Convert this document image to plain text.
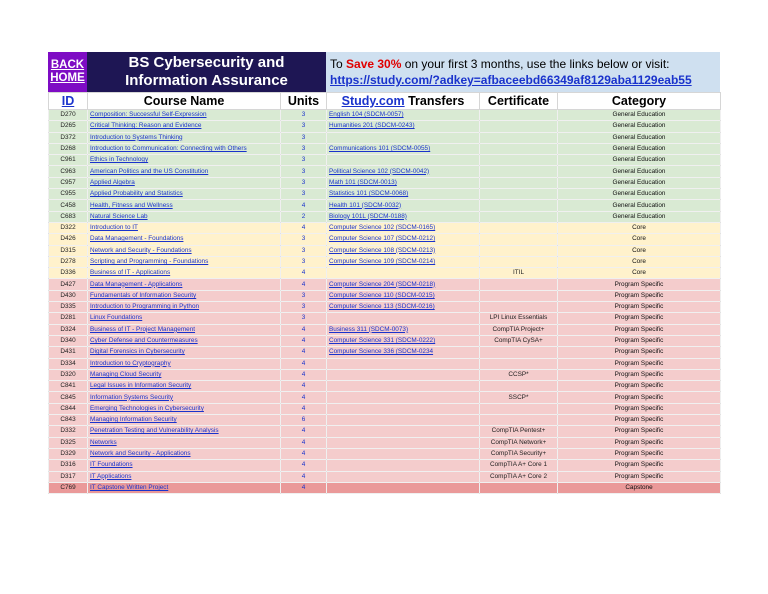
BACK
HOME
BS Cybersecurity and
Information Assurance
To Save 30% on your first 3 months, use the links below or visit: https://study.com/?adkey=afbaceebd66349af8129aba1129eab55
ID	Course Name	Units	Study.com Transfers	Certificate	Category
D270	Composition: Successful Self-Expression	3	English 104 (SDCM-0057)		General Education
D265	Critical Thinking: Reason and Evidence	3	Humanities 201 (SDCM-0243)		General Education
D372	Introduction to Systems Thinking	3			General Education
D268	Introduction to Communication: Connecting with Others	3	Communications 101 (SDCM-0055)		General Education
C961	Ethics in Technology	3			General Education
C963	American Politics and the US Constitution	3	Political Science 102 (SDCM-0042)		General Education
C957	Applied Algebra	3	Math 101 (SDCM-0013)		General Education
C955	Applied Probability and Statistics	3	Statistics 101 (SDCM-0068)		General Education
C458	Health, Fitness and Wellness	4	Health 101 (SDCM-0032)		General Education
C683	Natural Science Lab	2	Biology 101L (SDCM-0188)		General Education
D322	Introduction to IT	4	Computer Science 102 (SDCM-0165)		Core
D426	Data Management - Foundations	3	Computer Science 107 (SDCM-0212)		Core
D315	Network and Security - Foundations	3	Computer Science 108 (SDCM-0213)		Core
D278	Scripting and Programming - Foundations	3	Computer Science 109 (SDCM-0214)		Core
D336	Business of IT - Applications	4		ITIL	Core
D427	Data Management - Applications	4	Computer Science 204 (SDCM-0218)		Program Specific
D430	Fundamentals of Information Security	3	Computer Science 110 (SDCM-0215)		Program Specific
D335	Introduction to Programming in Python	3	Computer Science 113 (SDCM-0216)		Program Specific
D281	Linux Foundations	3		LPI Linux Essentials	Program Specific
D324	Business of IT - Project Management	4	Business 311 (SDCM-0073)	CompTIA Project+	Program Specific
D340	Cyber Defense and Countermeasures	4	Computer Science 331 (SDCM-0222)	CompTIA CySA+	Program Specific
D431	Digital Forensics in Cybersecurity	4	Computer Science 336 (SDCM-0234		Program Specific
D334	Introduction to Cryptography	4			Program Specific
D320	Managing Cloud Security	4		CCSP*	Program Specific
C841	Legal Issues in Information Security	4			Program Specific
C845	Information Systems Security	4		SSCP*	Program Specific
C844	Emerging Technologies in Cybersecurity	4			Program Specific
C843	Managing Information Security	6			Program Specific
D332	Penetration Testing and Vulnerability Analysis	4		CompTIA Pentest+	Program Specific
D325	Networks	4		CompTIA Network+	Program Specific
D329	Network and Security - Applications	4		CompTIA Security+	Program Specific
D316	IT Foundations	4		CompTIA A+ Core 1	Program Specific
D317	IT Applications	4		CompTIA A+ Core 2	Program Specific
C769	IT Capstone Written Project	4			Capstone
